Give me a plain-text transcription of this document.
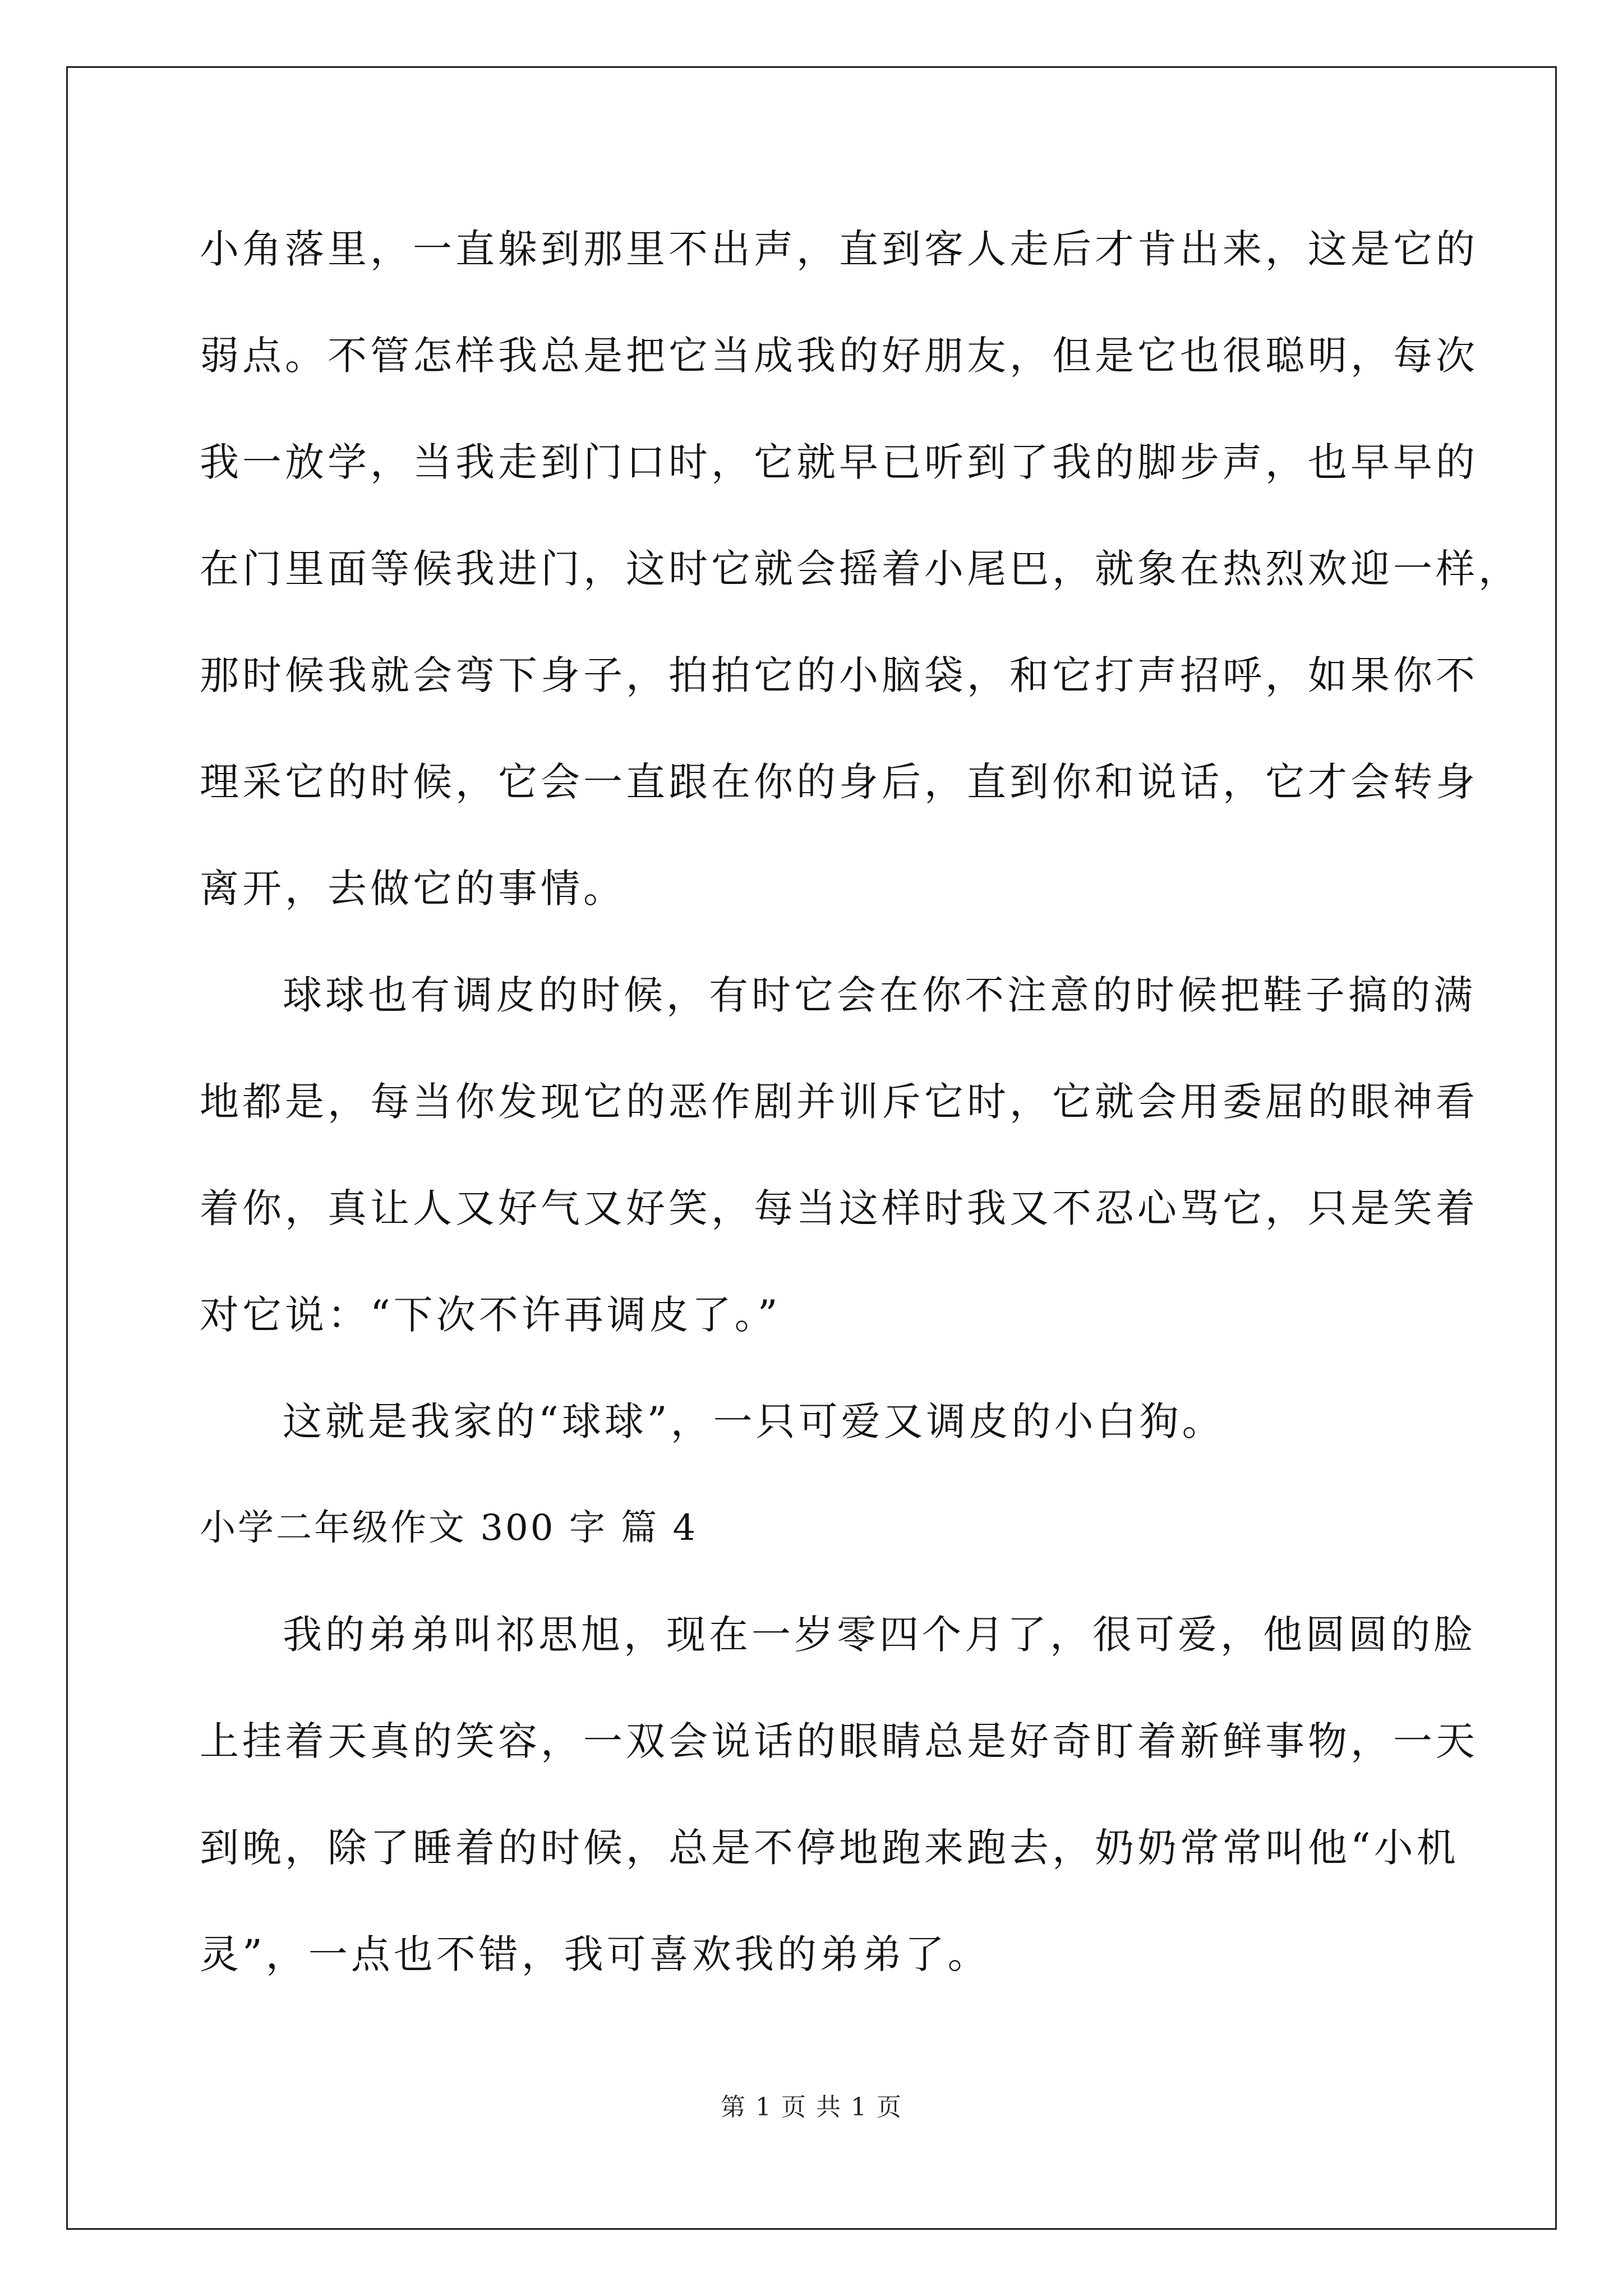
小角落里，一直躲到那里不出声，直到客人走后才肯出来，这是它的
弱点。不管怎样我总是把它当成我的好朋友，但是它也很聪明，每次
我一放学，当我走到门口时，它就早已听到了我的脚步声，也早早的
在门里面等候我进门，这时它就会摇着小尾巴，就象在热烈欢迎一样，
那时候我就会弯下身子，拍拍它的小脑袋，和它打声招呼，如果你不
理采它的时候，它会一直跟在你的身后，直到你和说话，它才会转身
离开，去做它的事情。
球球也有调皮的时候，有时它会在你不注意的时候把鞋子搞的满
地都是，每当你发现它的恶作剧并训斥它时，它就会用委屈的眼神看
着你，真让人又好气又好笑，每当这样时我又不忍心骂它，只是笑着
对它说：“下次不许再调皮了。”
这就是我家的“球球”，一只可爱又调皮的小白狗。
小学二年级作文 300 字 篇 4
我的弟弟叫祁思旭，现在一岁零四个月了，很可爱，他圆圆的脸
上挂着天真的笑容，一双会说话的眼睛总是好奇盯着新鲜事物，一天
到晚，除了睡着的时候，总是不停地跑来跑去，奶奶常常叫他“小机
灵”，一点也不错，我可喜欢我的弟弟了。
第 1 页 共 1 页
